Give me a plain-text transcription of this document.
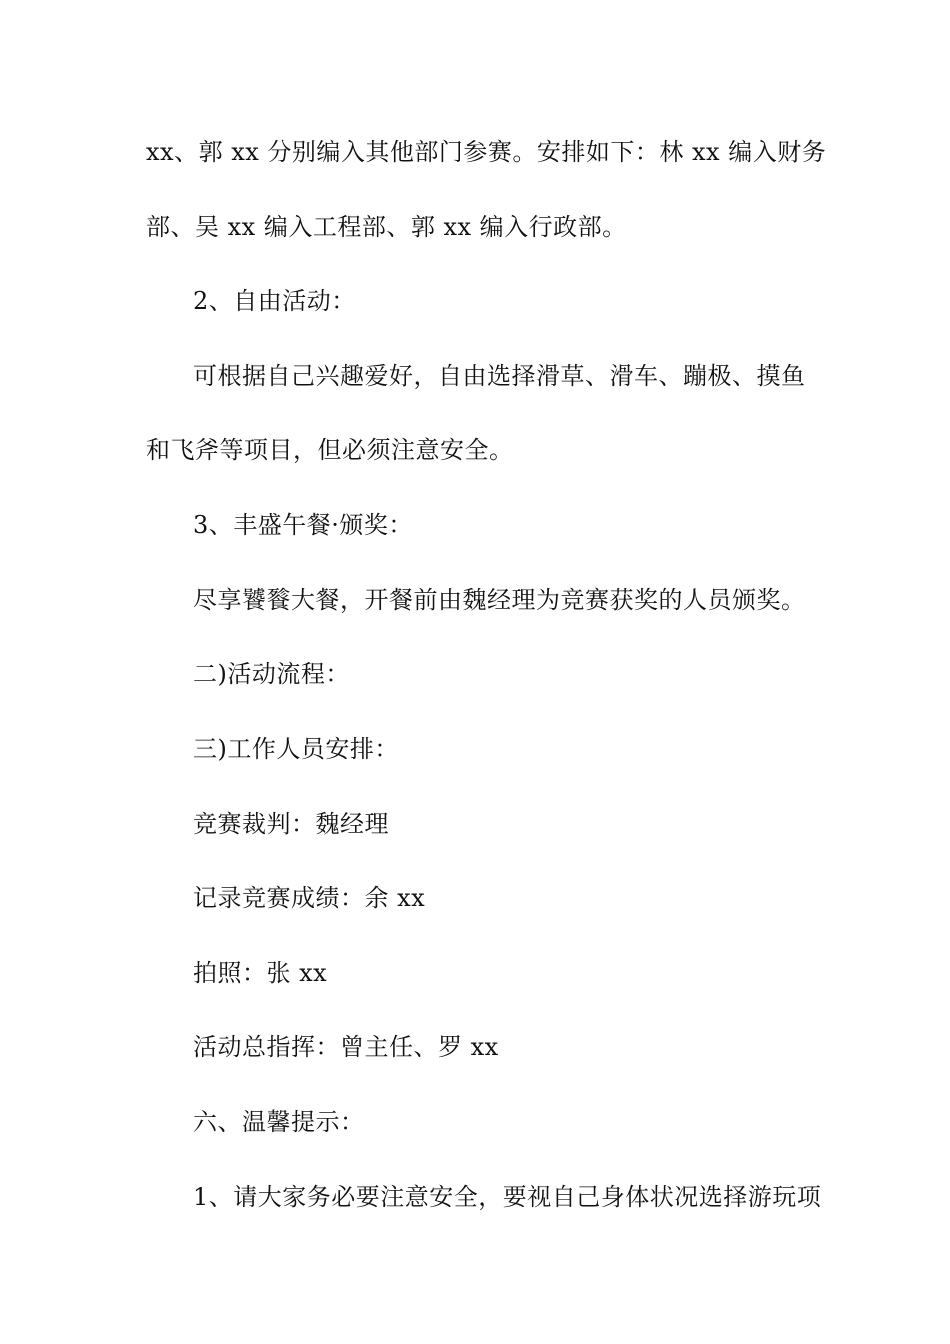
xx、郭 xx 分别编入其他部门参赛。安排如下：林 xx 编入财务
部、吴 xx 编入工程部、郭 xx 编入行政部。
2、自由活动：
可根据自己兴趣爱好，自由选择滑草、滑车、蹦极、摸鱼
和飞斧等项目，但必须注意安全。
3、丰盛午餐·颁奖：
尽享饕餮大餐，开餐前由魏经理为竞赛获奖的人员颁奖。
二)活动流程：
三)工作人员安排：
竞赛裁判：魏经理
记录竞赛成绩：余 xx
拍照：张 xx
活动总指挥：曾主任、罗 xx
六、温馨提示：
1、请大家务必要注意安全，要视自己身体状况选择游玩项
